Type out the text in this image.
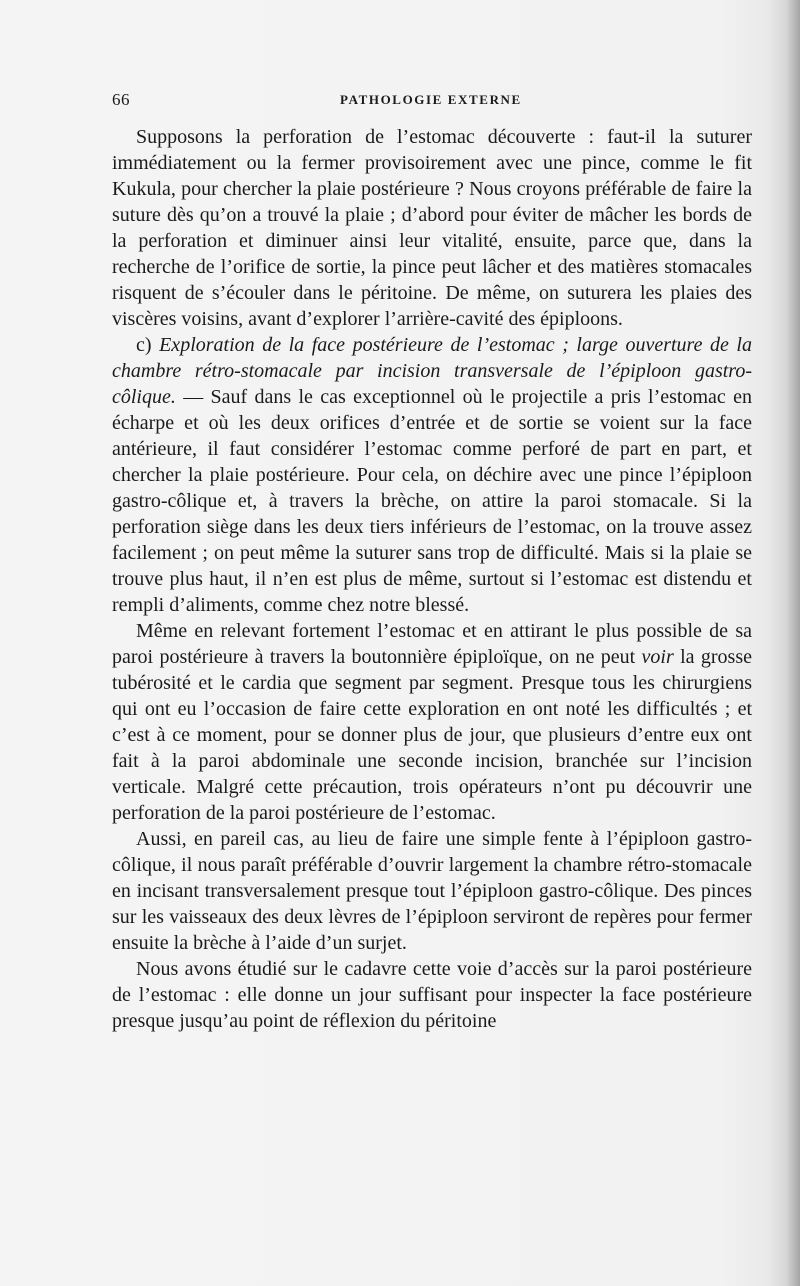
66	PATHOLOGIE EXTERNE

Supposons la perforation de l’estomac découverte : faut-il la suturer immédiatement ou la fermer provisoirement avec une pince, comme le fit Kukula, pour chercher la plaie postérieure ? Nous croyons préférable de faire la suture dès qu’on a trouvé la plaie ; d’abord pour éviter de mâcher les bords de la perforation et diminuer ainsi leur vitalité, ensuite, parce que, dans la recherche de l’orifice de sortie, la pince peut lâcher et des matières stomacales risquent de s’écouler dans le péritoine. De même, on suturera les plaies des viscères voisins, avant d’explorer l’arrière-cavité des épiploons.

c) Exploration de la face postérieure de l’estomac ; large ouverture de la chambre rétro-stomacale par incision transversale de l’épiploon gastro-côlique. — Sauf dans le cas exceptionnel où le projectile a pris l’estomac en écharpe et où les deux orifices d’entrée et de sortie se voient sur la face antérieure, il faut considérer l’estomac comme perforé de part en part, et chercher la plaie postérieure. Pour cela, on déchire avec une pince l’épiploon gastro-côlique et, à travers la brèche, on attire la paroi stomacale. Si la perforation siège dans les deux tiers inférieurs de l’estomac, on la trouve assez facilement ; on peut même la suturer sans trop de difficulté. Mais si la plaie se trouve plus haut, il n’en est plus de même, surtout si l’estomac est distendu et rempli d’aliments, comme chez notre blessé.

Même en relevant fortement l’estomac et en attirant le plus possible de sa paroi postérieure à travers la boutonnière épiploïque, on ne peut voir la grosse tubérosité et le cardia que segment par segment. Presque tous les chirurgiens qui ont eu l’occasion de faire cette exploration en ont noté les difficultés ; et c’est à ce moment, pour se donner plus de jour, que plusieurs d’entre eux ont fait à la paroi abdominale une seconde incision, branchée sur l’incision verticale. Malgré cette précaution, trois opérateurs n’ont pu découvrir une perforation de la paroi postérieure de l’estomac.

Aussi, en pareil cas, au lieu de faire une simple fente à l’épiploon gastro-côlique, il nous paraît préférable d’ouvrir largement la chambre rétro-stomacale en incisant transversalement presque tout l’épiploon gastro-côlique. Des pinces sur les vaisseaux des deux lèvres de l’épiploon serviront de repères pour fermer ensuite la brèche à l’aide d’un surjet.

Nous avons étudié sur le cadavre cette voie d’accès sur la paroi postérieure de l’estomac : elle donne un jour suffisant pour inspecter la face postérieure presque jusqu’au point de réflexion du péritoine
